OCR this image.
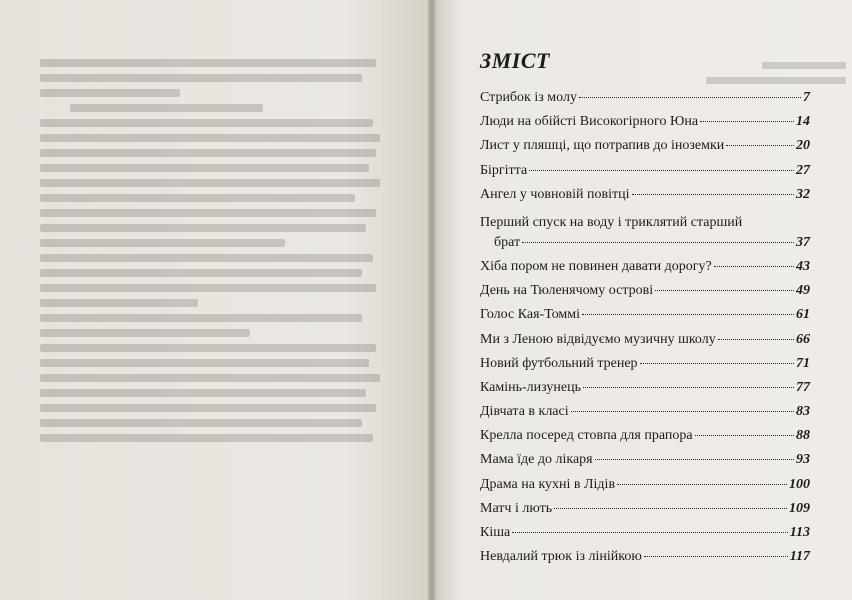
ЗМІСТ
Стрибок із молу	7
Люди на обійсті Високогірного Юна	14
Лист у пляшці, що потрапив до іноземки	20
Біргітта	27
Ангел у човновій повітці	32
Перший спуск на воду і триклятий старший
брат	37
Хіба пором не повинен давати дорогу?	43
День на Тюленячому острові	49
Голос Кая-Томмі	61
Ми з Леною відвідуємо музичну школу	66
Новий футбольний тренер	71
Камінь-лизунець	77
Дівчата в класі	83
Крелла посеред стовпа для прапора	88
Мама їде до лікаря	93
Драма на кухні в Лідів	100
Матч і лють	109
Кіша	113
Невдалий трюк із лінійкою	117
